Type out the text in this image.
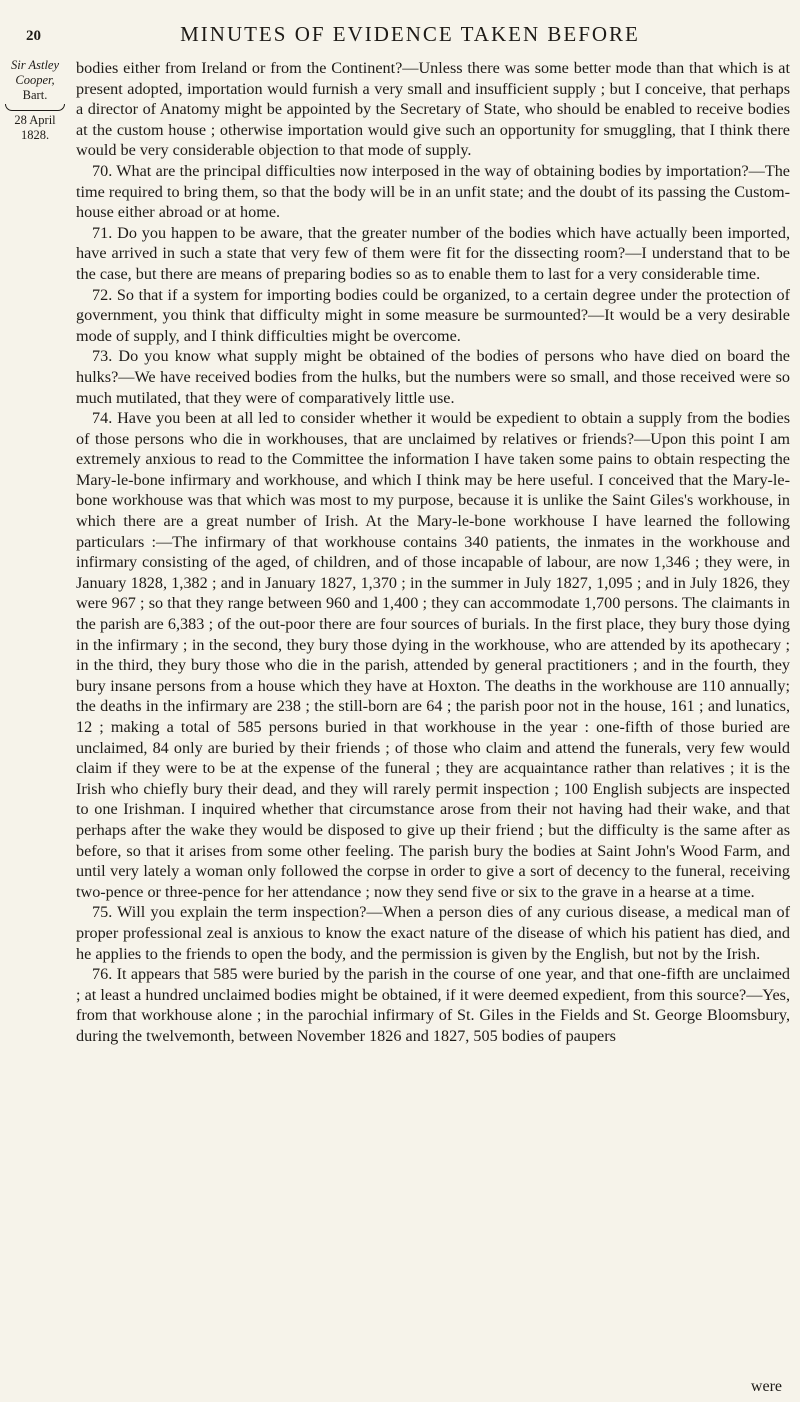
20	MINUTES OF EVIDENCE TAKEN BEFORE
Sir Astley Cooper,
Bart.
28 April
1828.

bodies either from Ireland or from the Continent?—Unless there was some better mode than that which is at present adopted, importation would furnish a very small and insufficient supply ; but I conceive, that perhaps a director of Anatomy might be appointed by the Secretary of State, who should be enabled to receive bodies at the custom house ; otherwise importation would give such an opportunity for smuggling, that I think there would be very considerable objection to that mode of supply.

70. What are the principal difficulties now interposed in the way of obtaining bodies by importation?—The time required to bring them, so that the body will be in an unfit state; and the doubt of its passing the Custom-house either abroad or at home.

71. Do you happen to be aware, that the greater number of the bodies which have actually been imported, have arrived in such a state that very few of them were fit for the dissecting room?—I understand that to be the case, but there are means of preparing bodies so as to enable them to last for a very considerable time.

72. So that if a system for importing bodies could be organized, to a certain degree under the protection of government, you think that difficulty might in some measure be surmounted?—It would be a very desirable mode of supply, and I think difficulties might be overcome.

73. Do you know what supply might be obtained of the bodies of persons who have died on board the hulks?—We have received bodies from the hulks, but the numbers were so small, and those received were so much mutilated, that they were of comparatively little use.

74. Have you been at all led to consider whether it would be expedient to obtain a supply from the bodies of those persons who die in workhouses, that are unclaimed by relatives or friends?—Upon this point I am extremely anxious to read to the Committee the information I have taken some pains to obtain respecting the Mary-le-bone infirmary and workhouse, and which I think may be here useful. I conceived that the Mary-le-bone workhouse was that which was most to my purpose, because it is unlike the Saint Giles's workhouse, in which there are a great number of Irish. At the Mary-le-bone workhouse I have learned the following particulars :—The infirmary of that workhouse contains 340 patients, the inmates in the workhouse and infirmary consisting of the aged, of children, and of those incapable of labour, are now 1,346 ; they were, in January 1828, 1,382 ; and in January 1827, 1,370 ; in the summer in July 1827, 1,095 ; and in July 1826, they were 967 ; so that they range between 960 and 1,400 ; they can accommodate 1,700 persons. The claimants in the parish are 6,383 ; of the out-poor there are four sources of burials. In the first place, they bury those dying in the infirmary ; in the second, they bury those dying in the workhouse, who are attended by its apothecary ; in the third, they bury those who die in the parish, attended by general practitioners ; and in the fourth, they bury insane persons from a house which they have at Hoxton. The deaths in the workhouse are 110 annually; the deaths in the infirmary are 238 ; the still-born are 64 ; the parish poor not in the house, 161 ; and lunatics, 12 ; making a total of 585 persons buried in that workhouse in the year : one-fifth of those buried are unclaimed, 84 only are buried by their friends ; of those who claim and attend the funerals, very few would claim if they were to be at the expense of the funeral ; they are acquaintance rather than relatives ; it is the Irish who chiefly bury their dead, and they will rarely permit inspection ; 100 English subjects are inspected to one Irishman. I inquired whether that circumstance arose from their not having had their wake, and that perhaps after the wake they would be disposed to give up their friend ; but the difficulty is the same after as before, so that it arises from some other feeling. The parish bury the bodies at Saint John's Wood Farm, and until very lately a woman only followed the corpse in order to give a sort of decency to the funeral, receiving two-pence or three-pence for her attendance ; now they send five or six to the grave in a hearse at a time.

75. Will you explain the term inspection?—When a person dies of any curious disease, a medical man of proper professional zeal is anxious to know the exact nature of the disease of which his patient has died, and he applies to the friends to open the body, and the permission is given by the English, but not by the Irish.

76. It appears that 585 were buried by the parish in the course of one year, and that one-fifth are unclaimed ; at least a hundred unclaimed bodies might be obtained, if it were deemed expedient, from this source?—Yes, from that workhouse alone ; in the parochial infirmary of St. Giles in the Fields and St. George Bloomsbury, during the twelvemonth, between November 1826 and 1827, 505 bodies of paupers

were
